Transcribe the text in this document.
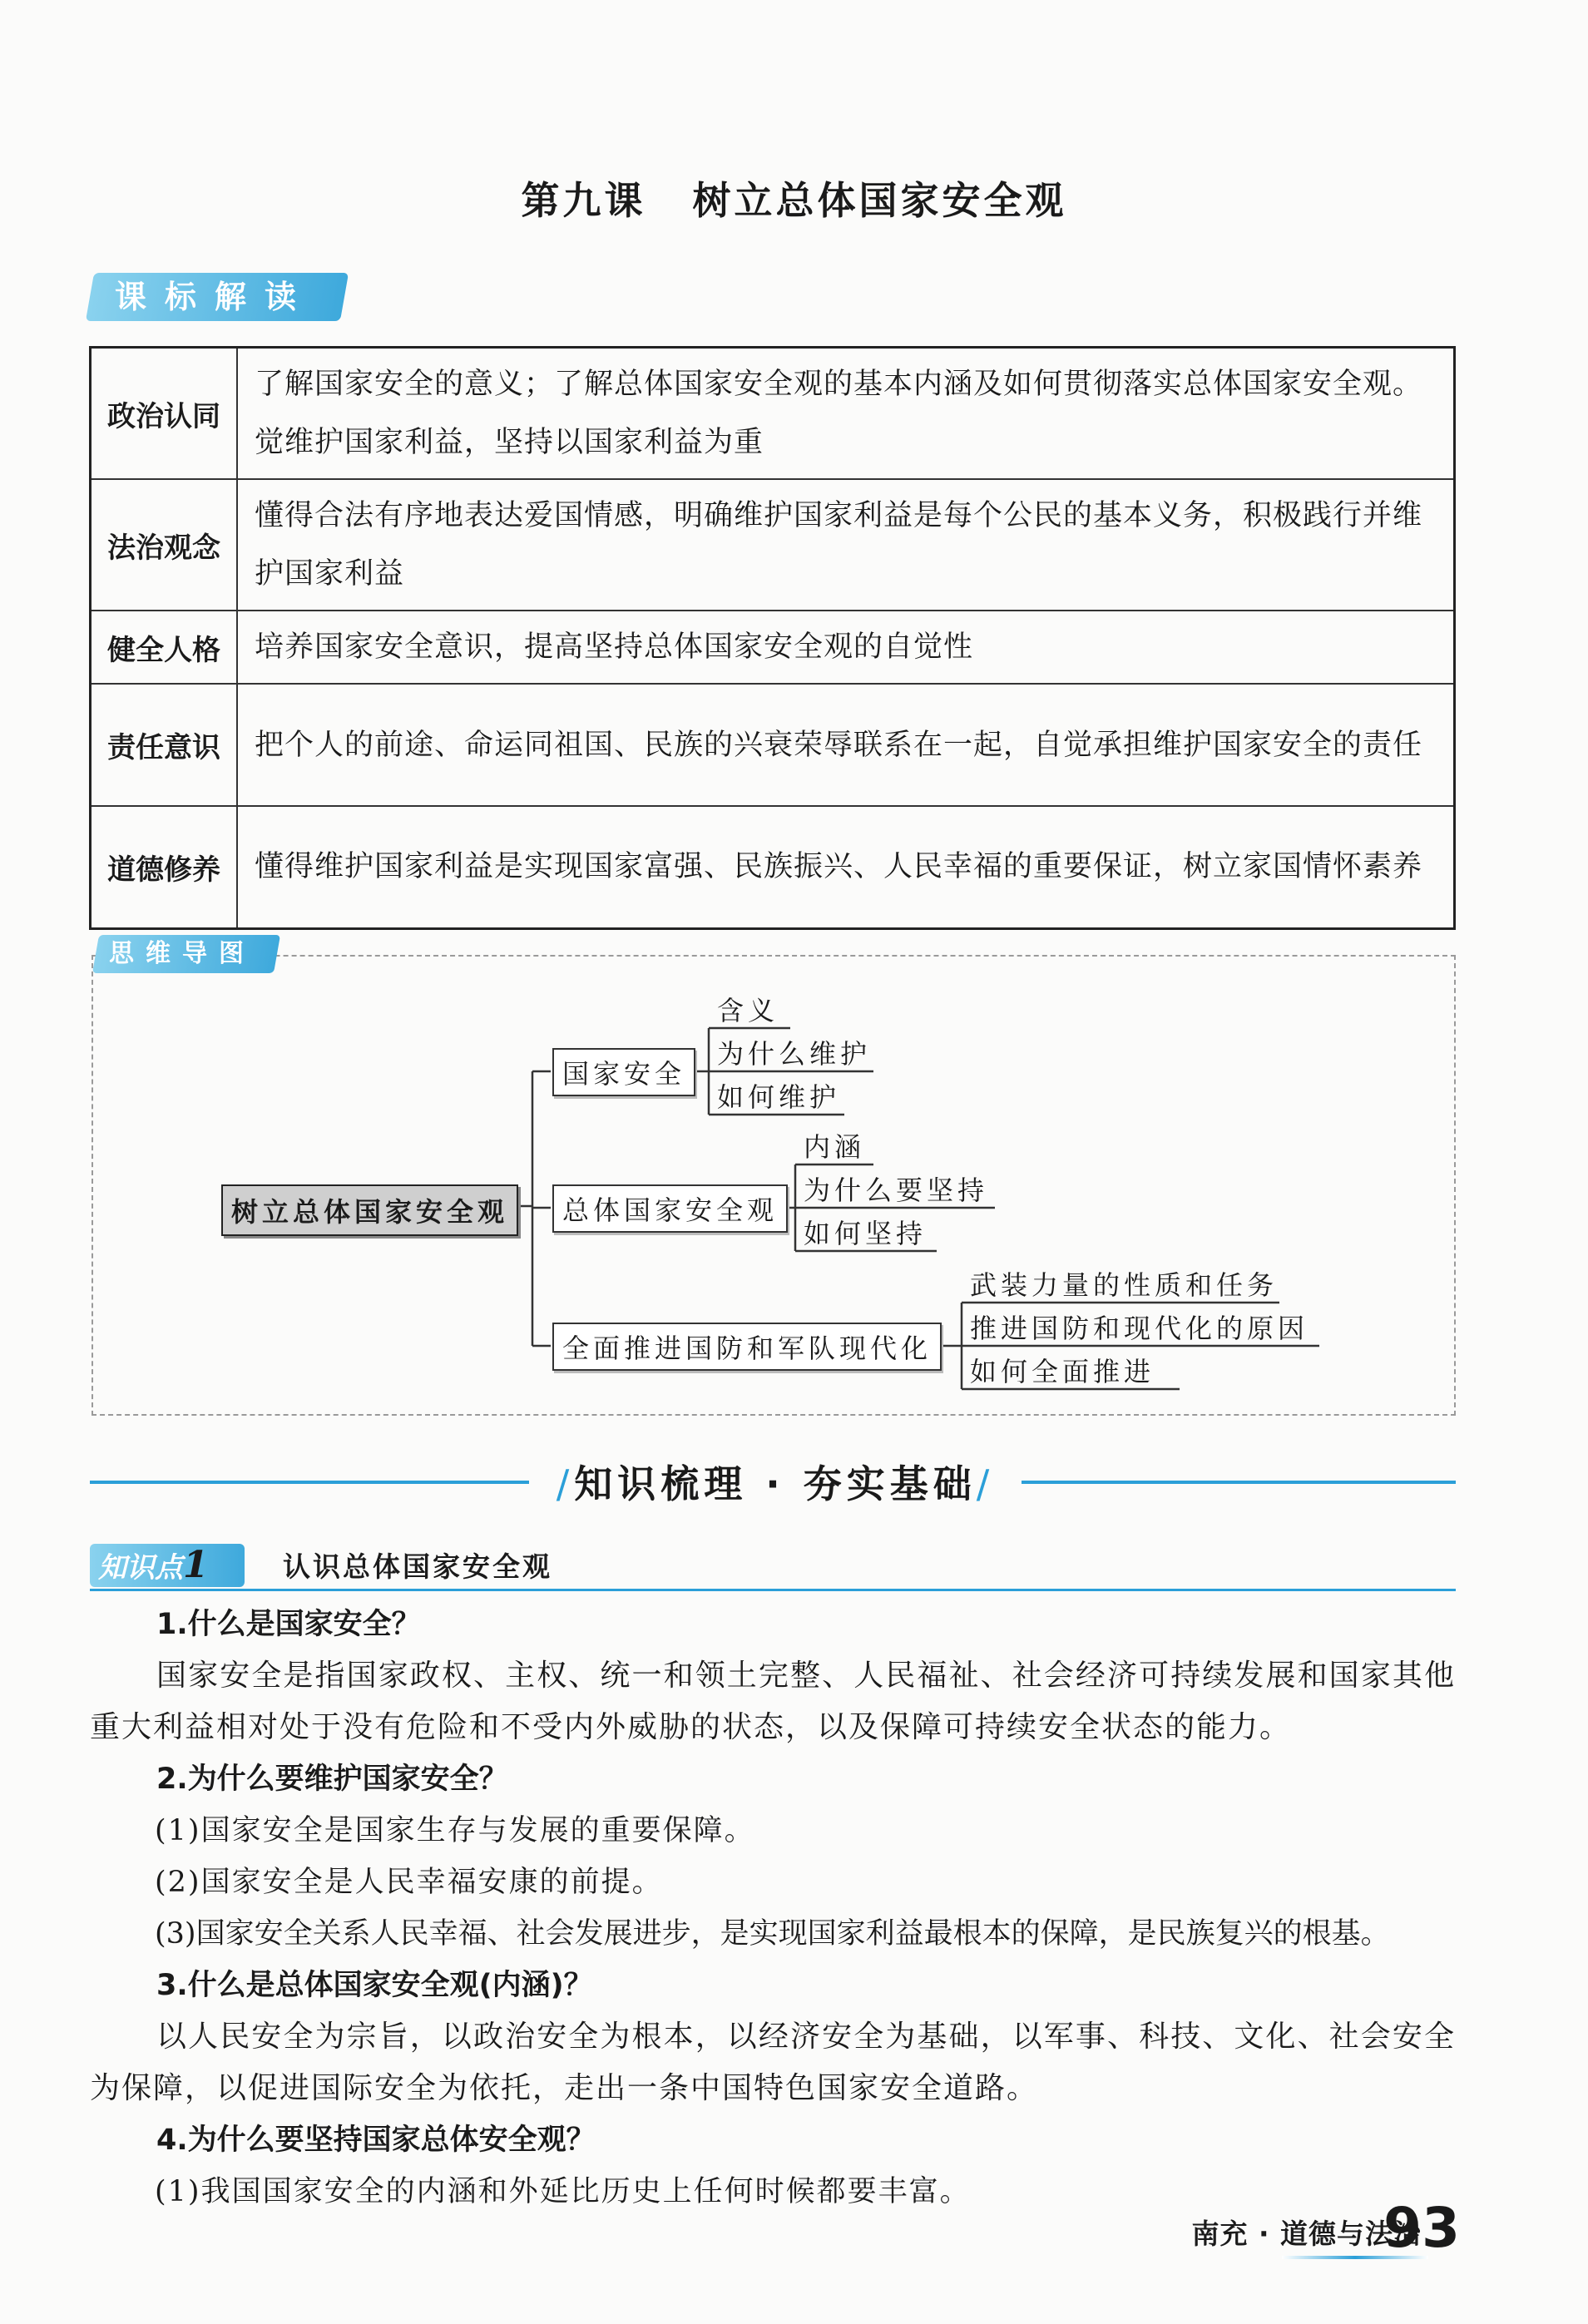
第九课 树立总体国家安全观
课标解读
政治认同	了解国家安全的意义；了解总体国家安全观的基本内涵及如何贯彻落实总体国家安全观。觉维护国家利益，坚持以国家利益为重
法治观念	懂得合法有序地表达爱国情感，明确维护国家利益是每个公民的基本义务，积极践行并维护国家利益
健全人格	培养国家安全意识，提高坚持总体国家安全观的自觉性
责任意识	把个人的前途、命运同祖国、民族的兴衰荣辱联系在一起，自觉承担维护国家安全的责任
道德修养	懂得维护国家利益是实现国家富强、民族振兴、人民幸福的重要保证，树立家国情怀素养
思维导图
树立总体国家安全观
国家安全
总体国家安全观
全面推进国防和军队现代化
含义
为什么维护
如何维护
内涵
为什么要坚持
如何坚持
武装力量的性质和任务
推进国防和现代化的原因
如何全面推进
/知识梳理 · 夯实基础/
知识点1	认识总体国家安全观

1.什么是国家安全？

国家安全是指国家政权、主权、统一和领土完整、人民福祉、社会经济可持续发展和国家其他重大利益相对处于没有危险和不受内外威胁的状态，以及保障可持续安全状态的能力。

2.为什么要维护国家安全？

(1)国家安全是国家生存与发展的重要保障。

(2)国家安全是人民幸福安康的前提。

(3)国家安全关系人民幸福、社会发展进步，是实现国家利益最根本的保障，是民族复兴的根基。

3.什么是总体国家安全观(内涵)？

以人民安全为宗旨，以政治安全为根本，以经济安全为基础，以军事、科技、文化、社会安全为保障，以促进国际安全为依托，走出一条中国特色国家安全道路。

4.为什么要坚持国家总体安全观？

(1)我国国家安全的内涵和外延比历史上任何时候都要丰富。

南充 · 道德与法治
93
